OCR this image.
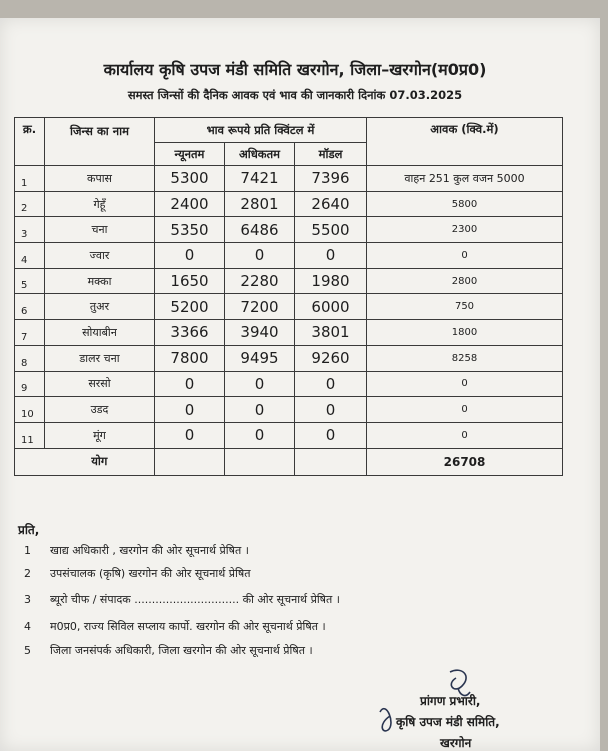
कार्यालय कृषि उपज मंडी समिति खरगोन, जिला–खरगोन(म0प्र0)
समस्त जिन्सों की दैनिक आवक एवं भाव की जानकारी दिनांक 07.03.2025
क्र.	जिन्स का नाम	भाव रूपये प्रति क्विंटल में			आवक (क्वि.में)
		न्यूनतम	अधिकतम	मॉडल	
1	कपास	5300	7421	7396	वाहन 251 कुल वजन 5000
2	गेहूँ	2400	2801	2640	5800
3	चना	5350	6486	5500	2300
4	ज्वार	0	0	0	0
5	मक्का	1650	2280	1980	2800
6	तुअर	5200	7200	6000	750
7	सोयाबीन	3366	3940	3801	1800
8	डालर चना	7800	9495	9260	8258
9	सरसो	0	0	0	0
10	उडद	0	0	0	0
11	मूंग	0	0	0	0
	योग				26708
प्रति,
1 खाद्य अधिकारी , खरगोन की ओर सूचनार्थ प्रेषित ।
2 उपसंचालक (कृषि) खरगोन की ओर सूचनार्थ प्रेषित
3 ब्यूरो चीफ / संपादक .............................. की ओर सूचनार्थ प्रेषित ।
4 म0प्र0, राज्य सिविल सप्लाय कार्पो. खरगोन की ओर सूचनार्थ प्रेषित ।
5 जिला जनसंपर्क अधिकारी, जिला खरगोन की ओर सूचनार्थ प्रेषित ।
प्रांगण प्रभारी,
कृषि उपज मंडी समिति,
खरगोन
